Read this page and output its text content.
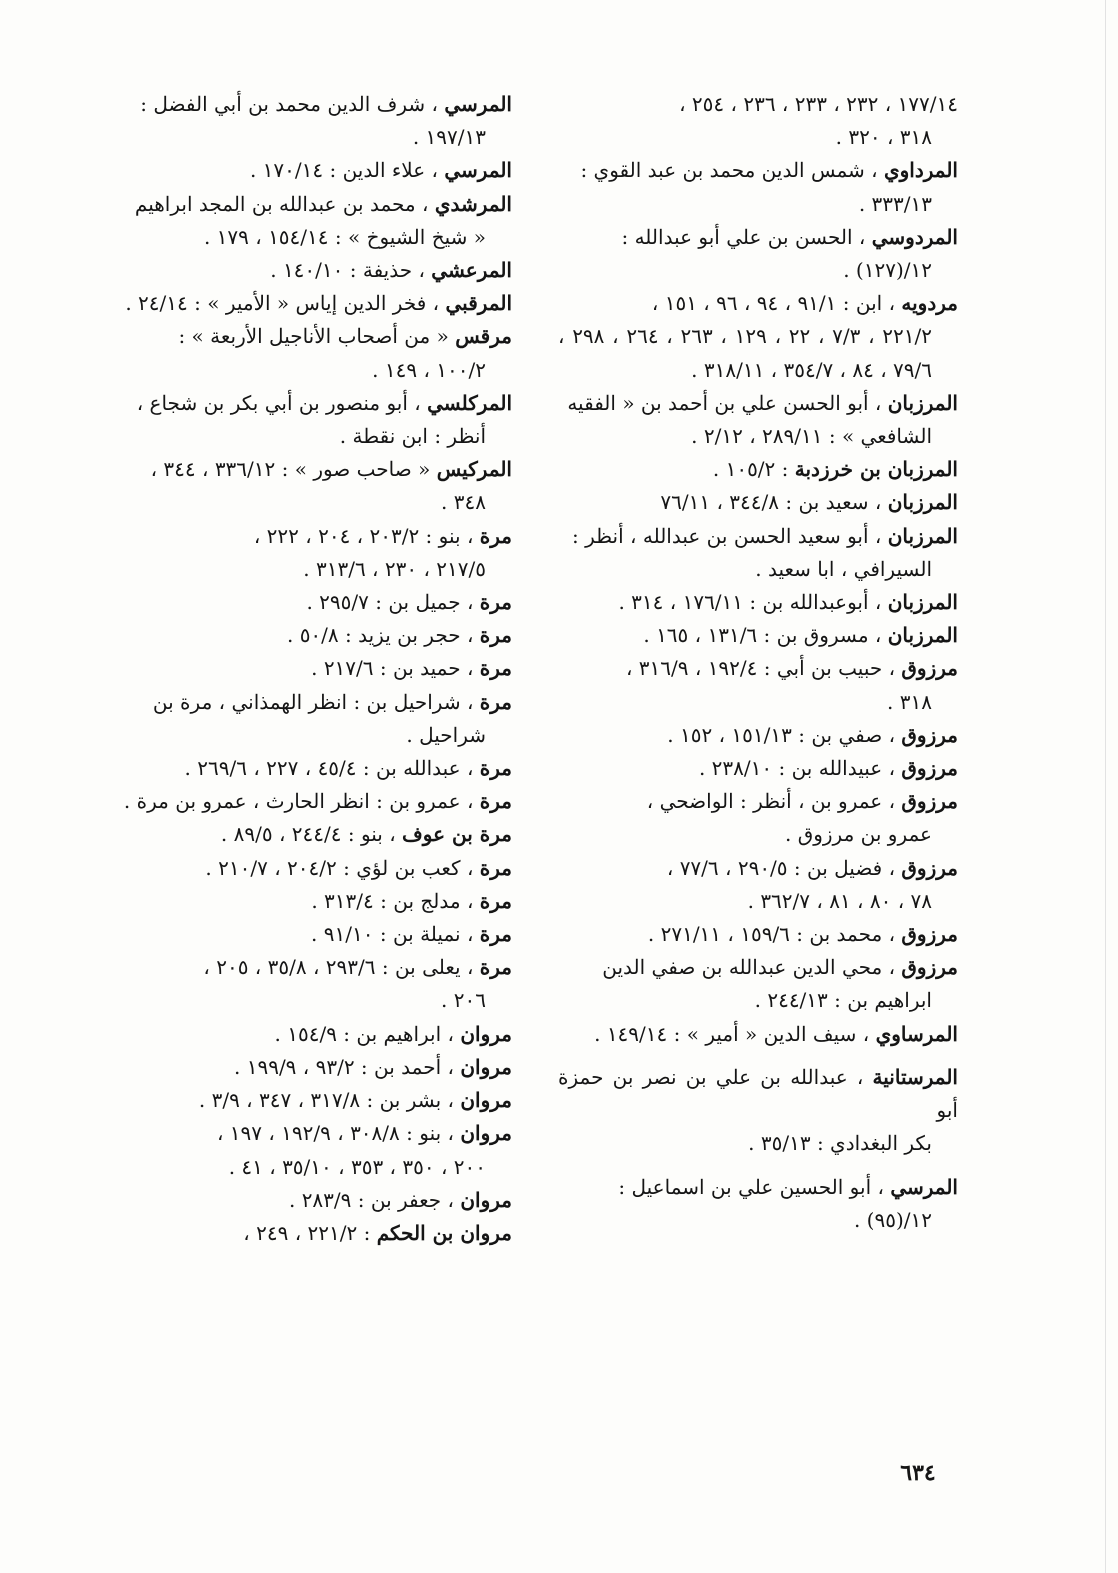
١٧٧/١٤ ، ٢٣٢ ، ٢٣٣ ، ٢٣٦ ، ٢٥٤ ،
٣١٨ ، ٣٢٠ .

المرداوي ، شمس الدين محمد بن عبد القوي :
٣٣٣/١٣ .

المردوسي ، الحسن بن علي أبو عبدالله :
١٢/(١٢٧) .

مردويه ، ابن : ٩١/١ ، ٩٤ ، ٩٦ ، ١٥١ ،
٢٢١/٢ ، ٧/٣ ، ٢٢ ، ١٢٩ ، ٢٦٣ ، ٢٦٤ ، ٢٩٨ ، ٧٩/٦ ، ٨٤ ، ٣٥٤/٧ ، ٣١٨/١١ .

المرزبان ، أبو الحسن علي بن أحمد بن « الفقيه
الشافعي » : ٢٨٩/١١ ، ٢/١٢ .

المرزبان بن خرزدبة : ١٠٥/٢ .

المرزبان ، سعيد بن : ٣٤٤/٨ ، ٧٦/١١

المرزبان ، أبو سعيد الحسن بن عبدالله ، أنظر :
السيرافي ، ابا سعيد .

المرزبان ، أبوعبدالله بن : ١٧٦/١١ ، ٣١٤ .

المرزبان ، مسروق بن : ١٣١/٦ ، ١٦٥ .

مرزوق ، حبيب بن أبي : ١٩٢/٤ ، ٣١٦/٩ ،
٣١٨ .

مرزوق ، صفي بن : ١٥١/١٣ ، ١٥٢ .

مرزوق ، عبيدالله بن : ٢٣٨/١٠ .

مرزوق ، عمرو بن ، أنظر : الواضحي ،
عمرو بن مرزوق .

مرزوق ، فضيل بن : ٢٩٠/٥ ، ٧٧/٦ ،
٧٨ ، ٨٠ ، ٨١ ، ٣٦٢/٧ .

مرزوق ، محمد بن : ١٥٩/٦ ، ٢٧١/١١ .

مرزوق ، محي الدين عبدالله بن صفي الدين
ابراهيم بن : ٢٤٤/١٣ .

المرساوي ، سيف الدين « أمير » : ١٤٩/١٤ .

المرستانية ، عبدالله بن علي بن نصر بن حمزة أبو
بكر البغدادي : ٣٥/١٣ .

المرسي ، أبو الحسين علي بن اسماعيل :
١٢/(٩٥) .

المرسي ، شرف الدين محمد بن أبي الفضل :
١٩٧/١٣ .

المرسي ، علاء الدين : ١٧٠/١٤ .

المرشدي ، محمد بن عبدالله بن المجد ابراهيم
« شيخ الشيوخ » : ١٥٤/١٤ ، ١٧٩ .

المرعشي ، حذيفة : ١٤٠/١٠ .

المرقبي ، فخر الدين إياس « الأمير » : ٢٤/١٤ .

مرقس « من أصحاب الأناجيل الأربعة » :
١٠٠/٢ ، ١٤٩ .

المركلسي ، أبو منصور بن أبي بكر بن شجاع ،
أنظر : ابن نقطة .

المركيس « صاحب صور » : ٣٣٦/١٢ ، ٣٤٤ ،
٣٤٨ .

مرة ، بنو : ٢٠٣/٢ ، ٢٠٤ ، ٢٢٢ ،
٢١٧/٥ ، ٢٣٠ ، ٣١٣/٦ .

مرة ، جميل بن : ٢٩٥/٧ .

مرة ، حجر بن يزيد : ٥٠/٨ .

مرة ، حميد بن : ٢١٧/٦ .

مرة ، شراحيل بن : انظر الهمذاني ، مرة بن
شراحيل .

مرة ، عبدالله بن : ٤٥/٤ ، ٢٢٧ ، ٢٦٩/٦ .

مرة ، عمرو بن : انظر الحارث ، عمرو بن مرة .

مرة بن عوف ، بنو : ٢٤٤/٤ ، ٨٩/٥ .

مرة ، كعب بن لؤي : ٢٠٤/٢ ، ٢١٠/٧ .

مرة ، مدلج بن : ٣١٣/٤ .

مرة ، نميلة بن : ٩١/١٠ .

مرة ، يعلى بن : ٢٩٣/٦ ، ٣٥/٨ ، ٢٠٥ ،
٢٠٦ .

مروان ، ابراهيم بن : ١٥٤/٩ .

مروان ، أحمد بن : ٩٣/٢ ، ١٩٩/٩ .

مروان ، بشر بن : ٣١٧/٨ ، ٣٤٧ ، ٣/٩ .

مروان ، بنو : ٣٠٨/٨ ، ١٩٢/٩ ، ١٩٧ ،
٢٠٠ ، ٣٥٠ ، ٣٥٣ ، ٣٥/١٠ ، ٤١ .

مروان ، جعفر بن : ٢٨٣/٩ .

مروان بن الحكم : ٢٢١/٢ ، ٢٤٩ ،

٦٣٤
